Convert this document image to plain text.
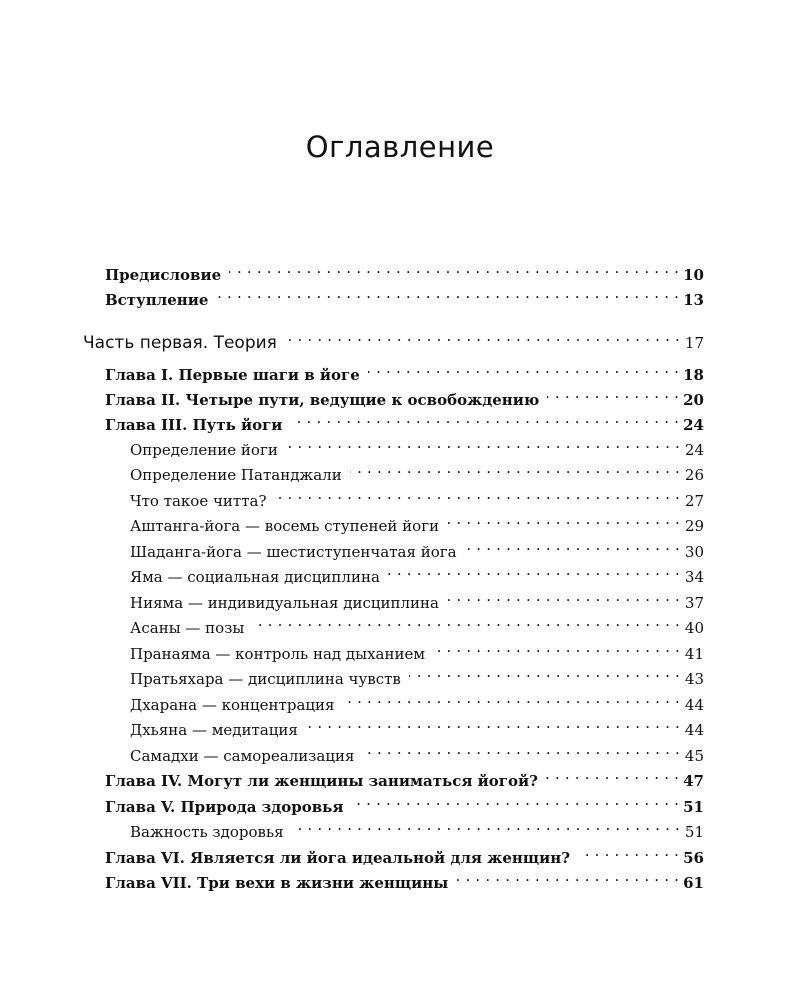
Оглавление
Предисловие . . .	10
Вступление . . .	13
Часть первая. Теория . . .	17
Глава I. Первые шаги в йоге . . .	18
Глава II. Четыре пути, ведущие к освобождению . . .	20
Глава III. Путь йоги . . .	24
Определение йоги . . .	24
Определение Патанджали . . .	26
Что такое читта? . . .	27
Аштанга-йога — восемь ступеней йоги . . .	29
Шаданга-йога — шестиступенчатая йога . . .	30
Яма — социальная дисциплина . . .	34
Нияма — индивидуальная дисциплина . . .	37
Асаны — позы . . .	40
Пранаяма — контроль над дыханием . . .	41
Пратьяхара — дисциплина чувств . . .	43
Дхарана — концентрация . . .	44
Дхьяна — медитация . . .	44
Самадхи — самореализация . . .	45
Глава IV. Могут ли женщины заниматься йогой? . . .	47
Глава V. Природа здоровья . . .	51
Важность здоровья . . .	51
Глава VI. Является ли йога идеальной для женщин? . . .	56
Глава VII. Три вехи в жизни женщины . . .	61
